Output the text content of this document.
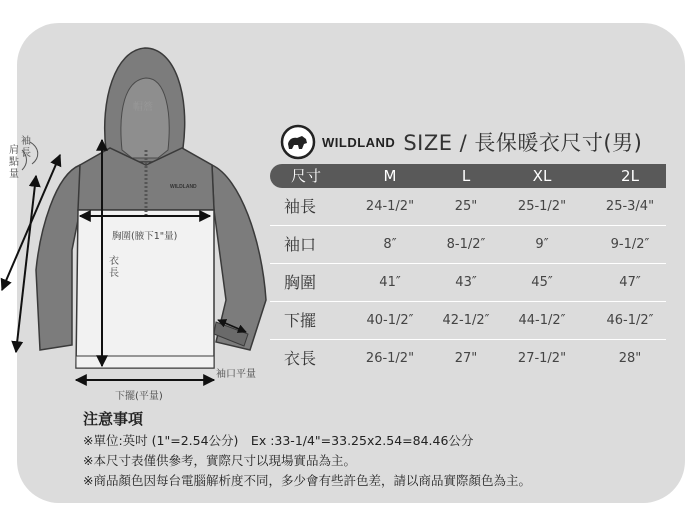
WILDLAND
袖長
肩點量
帽簷
胸圍(腋下1"量)
衣長
袖口平量
下擺(平量)
WILDLAND SIZE / 長保暖衣尺寸(男)
尺寸	M	L	XL	2L
袖長	24-1/2"	25"	25-1/2"	25-3/4"
袖口	8″	8-1/2″	9″	9-1/2″
胸圍	41″	43″	45″	47″
下擺	40-1/2″	42-1/2″	44-1/2″	46-1/2″
衣長	26-1/2"	27"	27-1/2"	28"
注意事項
※單位:英吋 (1"=2.54公分)　Ex :33-1/4"=33.25x2.54=84.46公分
※本尺寸表僅供參考，實際尺寸以現場實品為主。
※商品顏色因每台電腦解析度不同，多少會有些許色差，請以商品實際顏色為主。
